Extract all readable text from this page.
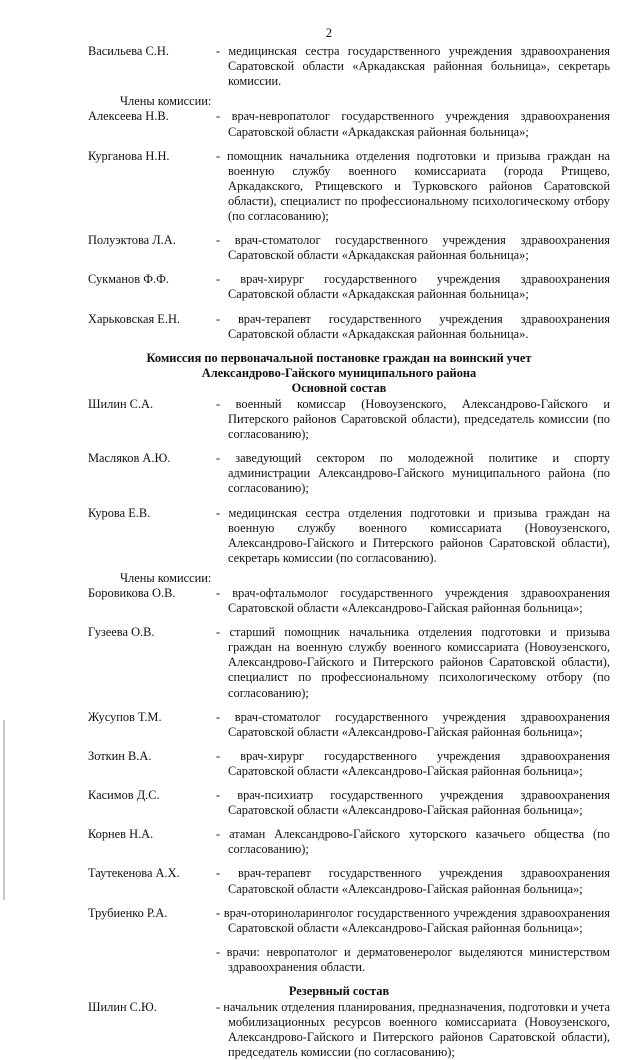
2
Васильева С.Н.	- медицинская сестра государственного учреждения здравоохранения Саратовской области «Аркадакская районная больница», секретарь комиссии.
Члены комиссии:
Алексеева Н.В.	- врач-невропатолог государственного учреждения здравоохранения Саратовской области «Аркадакская районная больница»;
Курганова Н.Н.	- помощник начальника отделения подготовки и призыва граждан на военную службу военного комиссариата (города Ртищево, Аркадакского, Ртищевского и Турковского районов Саратовской области), специалист по профессиональному психологическому отбору (по согласованию);
Полуэктова Л.А.	- врач-стоматолог государственного учреждения здравоохранения Саратовской области «Аркадакская районная больница»;
Сукманов Ф.Ф.	- врач-хирург государственного учреждения здравоохранения Саратовской области «Аркадакская районная больница»;
Харьковская Е.Н.	- врач-терапевт государственного учреждения здравоохранения Саратовской области «Аркадакская районная больница».
Комиссия по первоначальной постановке граждан на воинский учет
Александрово-Гайского муниципального района
Основной состав
Шилин С.А.	- военный комиссар (Новоузенского, Александрово-Гайского и Питерского районов Саратовской области), председатель комиссии (по согласованию);
Масляков А.Ю.	- заведующий сектором по молодежной политике и спорту администрации Александрово-Гайского муниципального района (по согласованию);
Курова Е.В.	- медицинская сестра отделения подготовки и призыва граждан на военную службу военного комиссариата (Новоузенского, Александрово-Гайского и Питерского районов Саратовской области), секретарь комиссии (по согласованию).
Члены комиссии:
Боровикова О.В.	- врач-офтальмолог государственного учреждения здравоохранения Саратовской области «Александрово-Гайская районная больница»;
Гузеева О.В.	- старший помощник начальника отделения подготовки и призыва граждан на военную службу военного комиссариата (Новоузенского, Александрово-Гайского и Питерского районов Саратовской области), специалист по профессиональному психологическому отбору (по согласованию);
Жусупов Т.М.	- врач-стоматолог государственного учреждения здравоохранения Саратовской области «Александрово-Гайская районная больница»;
Зоткин В.А.	- врач-хирург государственного учреждения здравоохранения Саратовской области «Александрово-Гайская районная больница»;
Касимов Д.С.	- врач-психиатр государственного учреждения здравоохранения Саратовской области «Александрово-Гайская районная больница»;
Корнев Н.А.	- атаман Александрово-Гайского хуторского казачьего общества (по согласованию);
Таутекенова А.Х.	- врач-терапевт государственного учреждения здравоохранения Саратовской области «Александрово-Гайская районная больница»;
Трубиенко Р.А.	- врач-оториноларинголог государственного учреждения здравоохранения Саратовской области «Александрово-Гайская районная больница»;
- врачи: невропатолог и дерматовенеролог выделяются министерством здравоохранения области.
Резервный состав
Шилин С.Ю.	- начальник отделения планирования, предназначения, подготовки и учета мобилизационных ресурсов военного комиссариата (Новоузенского, Александрово-Гайского и Питерского районов Саратовской области), председатель комиссии (по согласованию);
